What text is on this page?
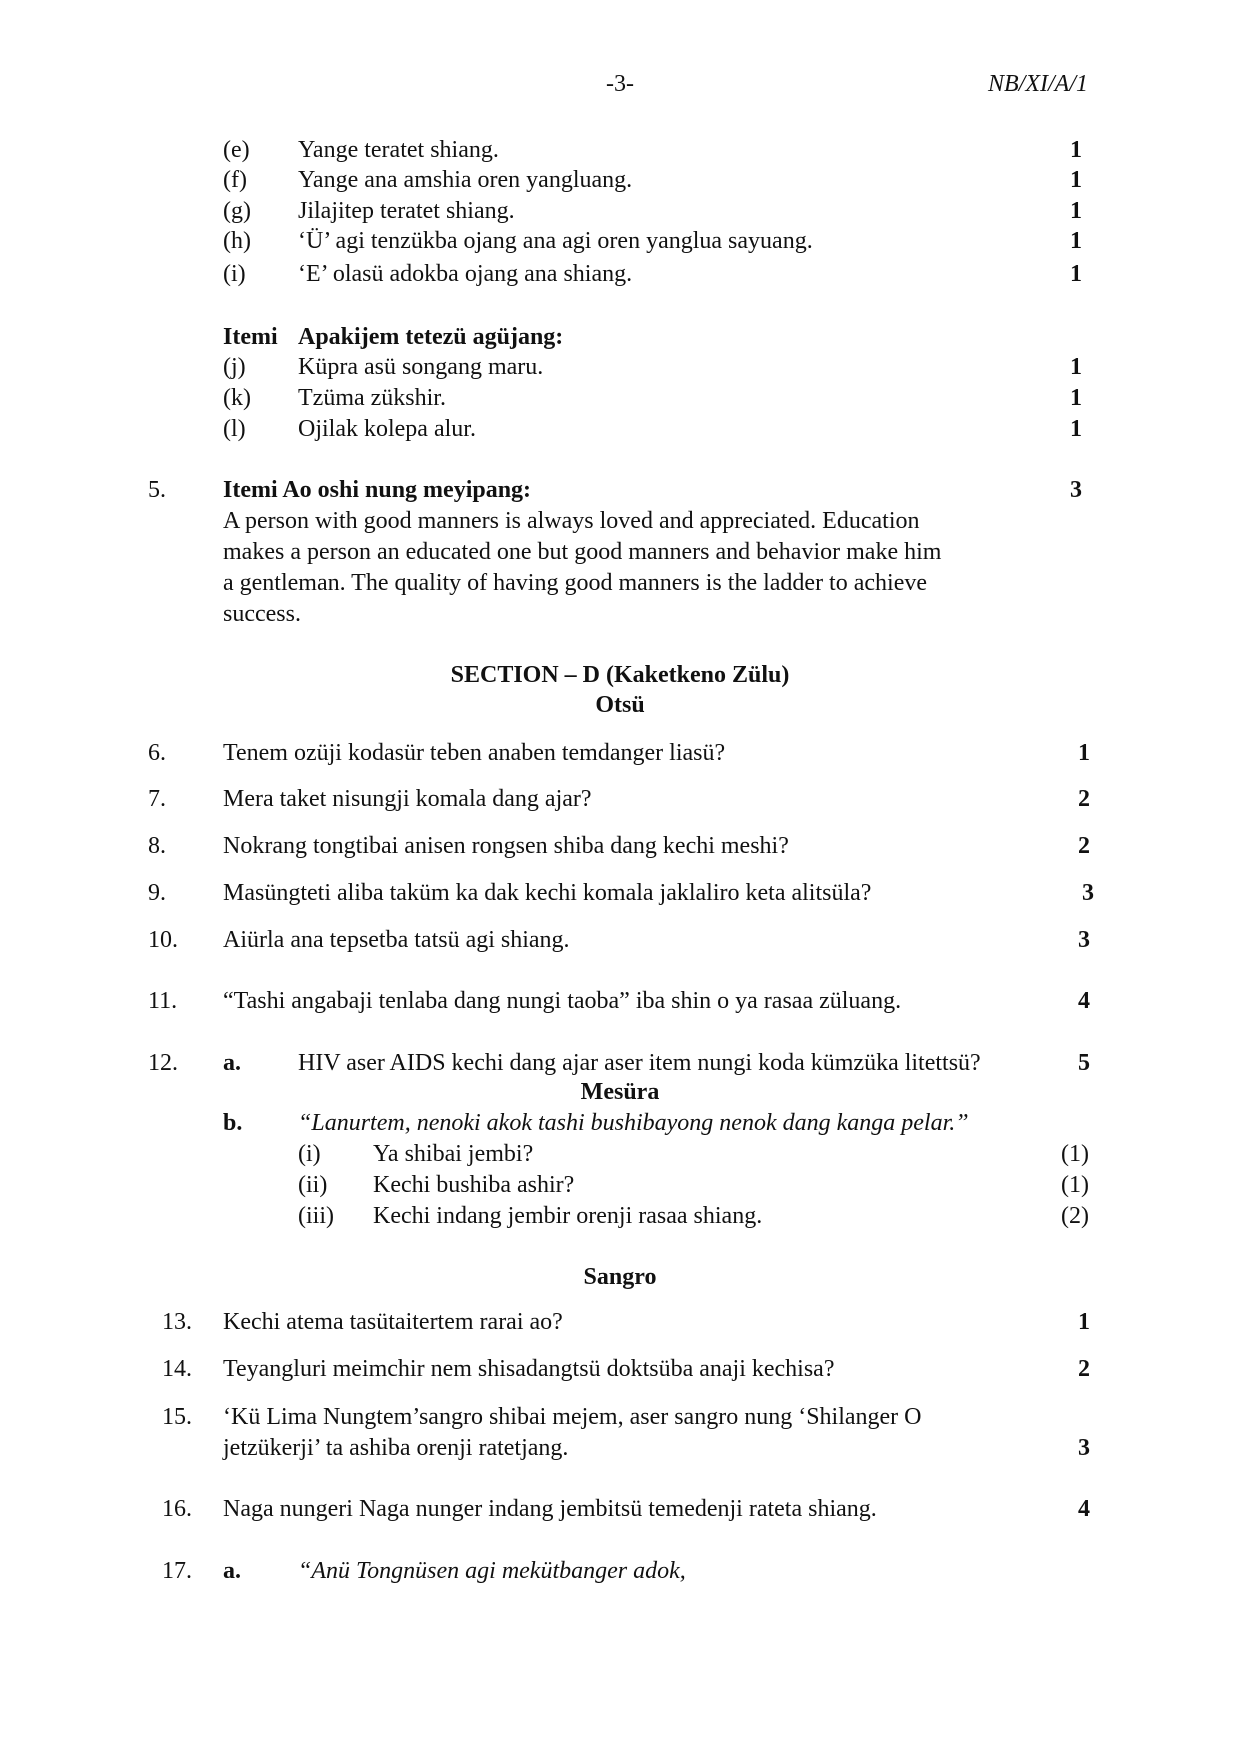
-3-	NB/XI/A/1
(e) Yange teratet shiang.	1
(f) Yange ana amshia oren yangluang.	1
(g) Jilajitep teratet shiang.	1
(h) ‘Ü’ agi tenzükba ojang ana agi oren yanglua sayuang.	1
(i) ‘E’ olasü adokba ojang ana shiang.	1
Itemi Apakijem tetezü agüjang:
(j) Küpra asü songang maru.	1
(k) Tzüma zükshir.	1
(l) Ojilak kolepa alur.	1
5. Itemi Ao oshi nung meyipang:	3
A person with good manners is always loved and appreciated. Education
makes a person an educated one but good manners and behavior make him
a gentleman. The quality of having good manners is the ladder to achieve
success.
SECTION – D (Kaketkeno Zülu)
Otsü
6. Tenem ozüji kodasür teben anaben temdanger liasü?	1
7. Mera taket nisungji komala dang ajar?	2
8. Nokrang tongtibai anisen rongsen shiba dang kechi meshi?	2
9. Masüngteti aliba taküm ka dak kechi komala jaklaliro keta alitsüla?	3
10. Aiürla ana tepsetba tatsü agi shiang.	3
11. “Tashi angabaji tenlaba dang nungi taoba” iba shin o ya rasaa züluang.	4
12. a. HIV aser AIDS kechi dang ajar aser item nungi koda kümzüka litettsü?	5
Mesüra
b. “Lanurtem, nenoki akok tashi bushibayong nenok dang kanga pelar.”
(i) Ya shibai jembi?	(1)
(ii) Kechi bushiba ashir?	(1)
(iii) Kechi indang jembir orenji rasaa shiang.	(2)
Sangro
13. Kechi atema tasütaitertem rarai ao?	1
14. Teyangluri meimchir nem shisadangtsü doktsüba anaji kechisa?	2
15. ‘Kü Lima Nungtem’sangro shibai mejem, aser sangro nung ‘Shilanger O
jetzükerji’ ta ashiba orenji ratetjang.	3
16. Naga nungeri Naga nunger indang jembitsü temedenji rateta shiang.	4
17. a. “Anü Tongnüsen agi mekütbanger adok,
